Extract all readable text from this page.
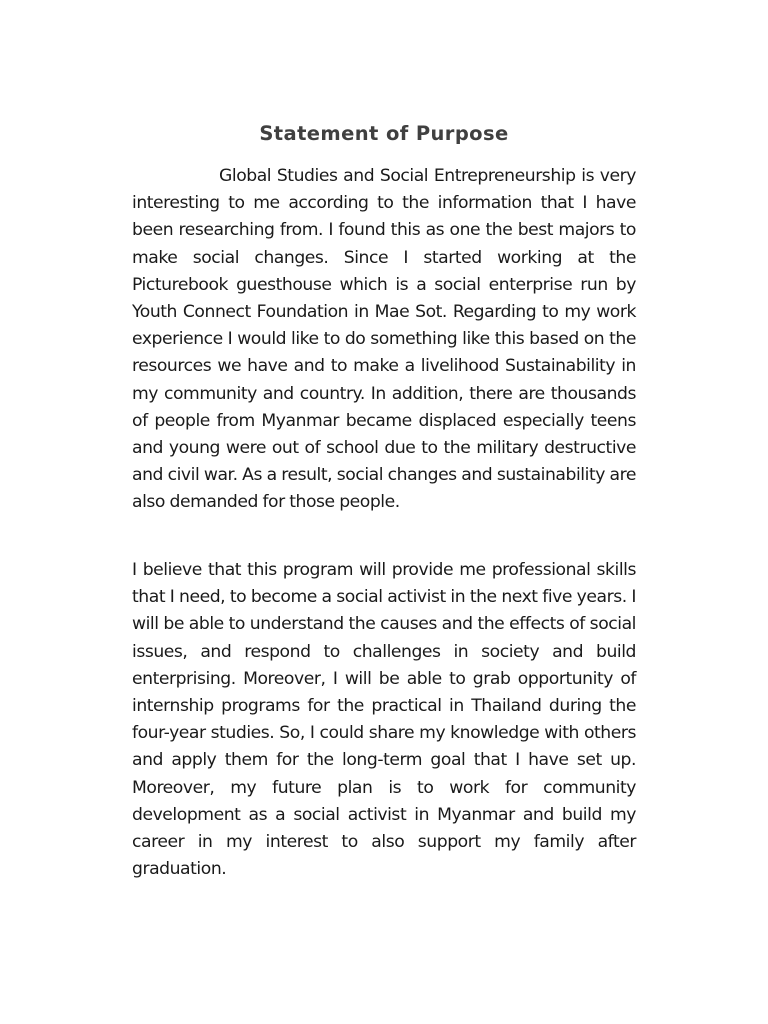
Statement of Purpose

Global Studies and Social Entrepreneurship is very interesting to me according to the information that I have been researching from. I found this as one the best majors to make social changes. Since I started working at the Picturebook guesthouse which is a social enterprise run by Youth Connect Foundation in Mae Sot. Regarding to my work experience I would like to do something like this based on the resources we have and to make a livelihood Sustainability in my community and country. In addition, there are thousands of people from Myanmar became displaced especially teens and young were out of school due to the military destructive and civil war. As a result, social changes and sustainability are also demanded for those people.

I believe that this program will provide me professional skills that I need, to become a social activist in the next five years. I will be able to understand the causes and the effects of social issues, and respond to challenges in society and build enterprising. Moreover, I will be able to grab opportunity of internship programs for the practical in Thailand during the four-year studies. So, I could share my knowledge with others and apply them for the long-term goal that I have set up. Moreover, my future plan is to work for community development as a social activist in Myanmar and build my career in my interest to also support my family after graduation.
